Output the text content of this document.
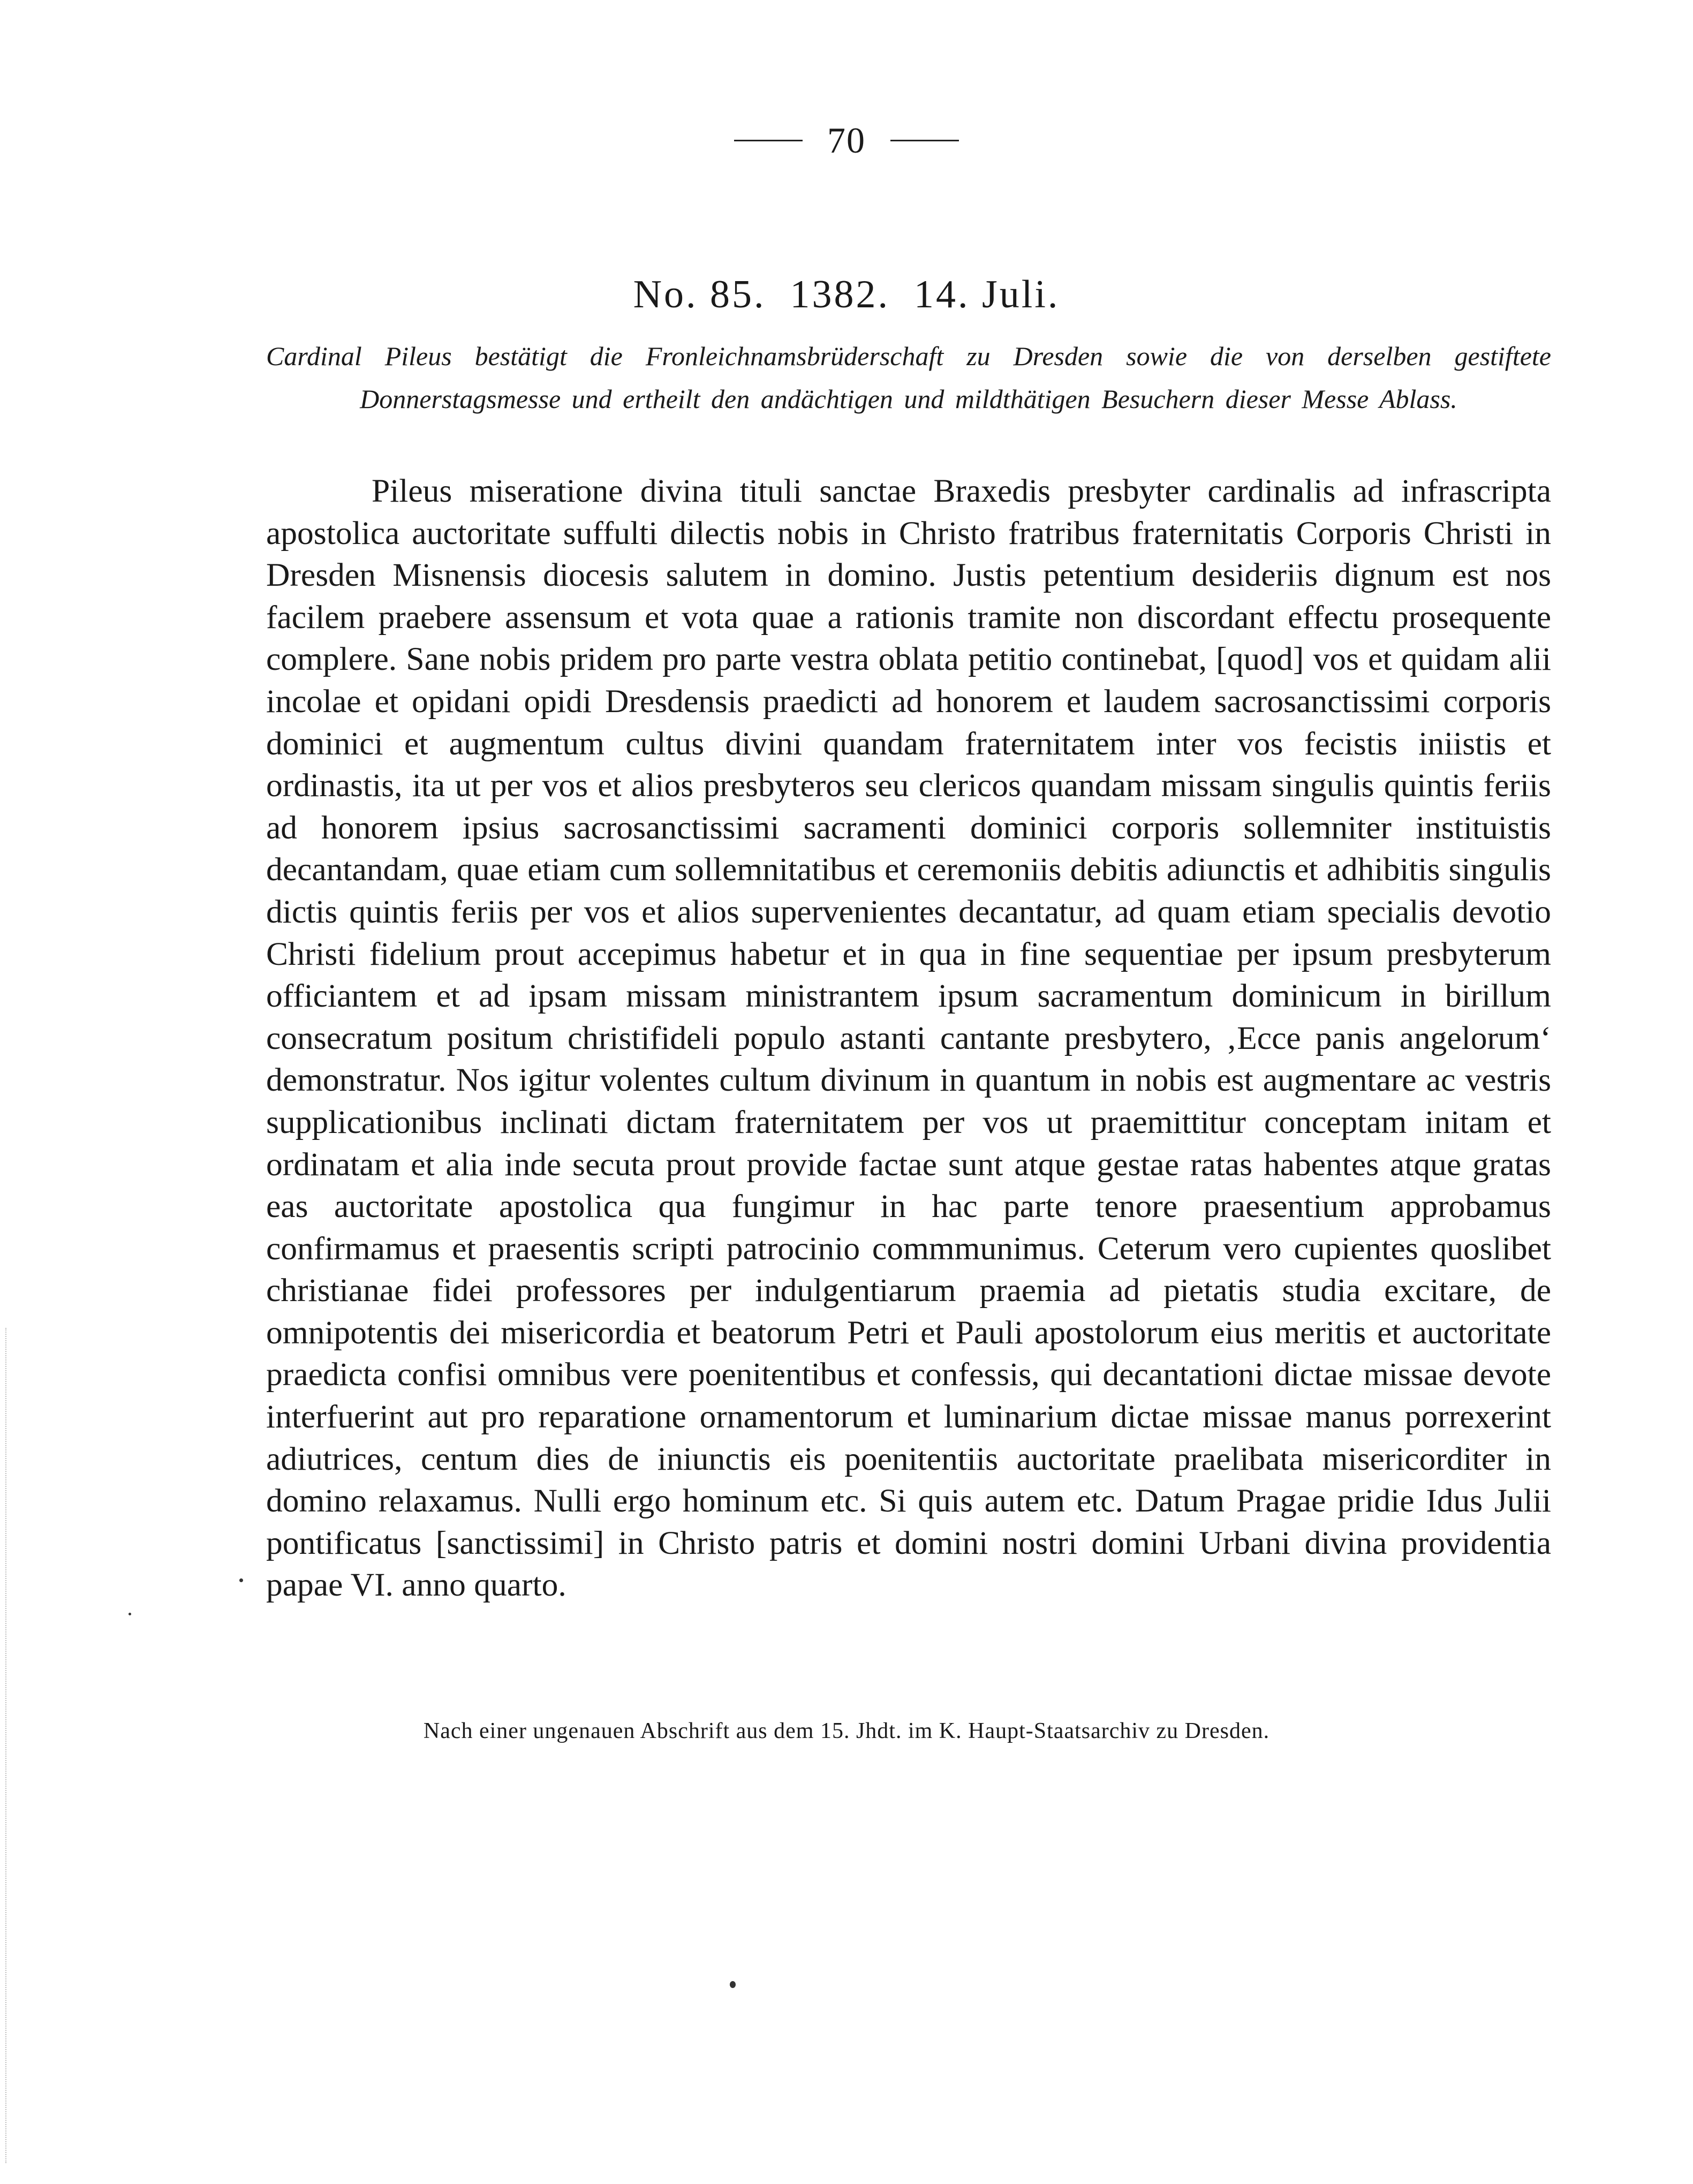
70
No. 85.  1382.  14. Juli.
Cardinal Pileus bestätigt die Fronleichnamsbrüderschaft zu Dresden sowie die von derselben gestiftete Donnerstagsmesse und ertheilt den andächtigen und mildthätigen Besuchern dieser Messe Ablass.

Pileus miseratione divina tituli sanctae Braxedis presbyter cardinalis ad infrascripta apostolica auctoritate suffulti dilectis nobis in Christo fratribus fraternitatis Corporis Christi in Dresden Misnensis diocesis salutem in domino. Justis petentium desideriis dignum est nos facilem praebere assensum et vota quae a rationis tramite non discordant effectu prosequente complere. Sane nobis pridem pro parte vestra oblata petitio continebat, [quod] vos et quidam alii incolae et opidani opidi Dresdensis praedicti ad honorem et laudem sacrosanctissimi corporis dominici et augmentum cultus divini quandam fraternitatem inter vos fecistis iniistis et ordinastis, ita ut per vos et alios presbyteros seu clericos quandam missam singulis quintis feriis ad honorem ipsius sacrosanctissimi sacramenti dominici corporis sollemniter instituistis decantandam, quae etiam cum sollemnitatibus et ceremoniis debitis adiunctis et adhibitis singulis dictis quintis feriis per vos et alios supervenientes decantatur, ad quam etiam specialis devotio Christi fidelium prout accepimus habetur et in qua in fine sequentiae per ipsum presbyterum officiantem et ad ipsam missam ministrantem ipsum sacramentum dominicum in birillum consecratum positum christifideli populo astanti cantante presbytero, ‚Ecce panis angelorum‘ demonstratur. Nos igitur volentes cultum divinum in quantum in nobis est augmentare ac vestris supplicationibus inclinati dictam fraternitatem per vos ut praemittitur conceptam initam et ordinatam et alia inde secuta prout provide factae sunt atque gestae ratas habentes atque gratas eas auctoritate apostolica qua fungimur in hac parte tenore praesentium approbamus confirmamus et praesentis scripti patrocinio commmunimus. Ceterum vero cupientes quoslibet christianae fidei professores per indulgentiarum praemia ad pietatis studia excitare, de omnipotentis dei misericordia et beatorum Petri et Pauli apostolorum eius meritis et auctoritate praedicta confisi omnibus vere poenitentibus et confessis, qui decantationi dictae missae devote interfuerint aut pro reparatione ornamentorum et luminarium dictae missae manus porrexerint adiutrices, centum dies de iniunctis eis poenitentiis auctoritate praelibata misericorditer in domino relaxamus. Nulli ergo hominum etc. Si quis autem etc. Datum Pragae pridie Idus Julii pontificatus [sanctissimi] in Christo patris et domini nostri domini Urbani divina providentia papae VI. anno quarto.

Nach einer ungenauen Abschrift aus dem 15. Jhdt. im K. Haupt-Staatsarchiv zu Dresden.
